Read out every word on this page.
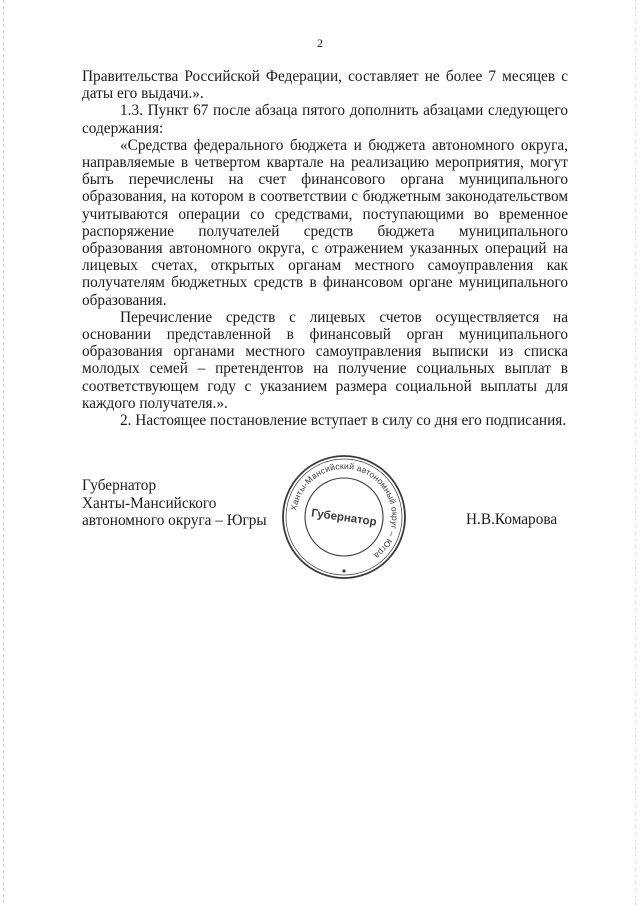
2

Правительства Российской Федерации, составляет не более 7 месяцев с даты его выдачи.».

1.3. Пункт 67 после абзаца пятого дополнить абзацами следующего содержания:

«Средства федерального бюджета и бюджета автономного округа, направляемые в четвертом квартале на реализацию мероприятия, могут быть перечислены на счет финансового органа муниципального образования, на котором в соответствии с бюджетным законодательством учитываются операции со средствами, поступающими во временное распоряжение получателей средств бюджета муниципального образования автономного округа, с отражением указанных операций на лицевых счетах, открытых органам местного самоуправления как получателям бюджетных средств в финансовом органе муниципального образования.

Перечисление средств с лицевых счетов осуществляется на основании представленной в финансовый орган муниципального образования органами местного самоуправления выписки из списка молодых семей – претендентов на получение социальных выплат в соответствующем году с указанием размера социальной выплаты для каждого получателя.».

2. Настоящее постановление вступает в силу со дня его подписания.

Губернатор
Ханты-Мансийского
автономного округа – Югры
Ханты-Мансийский автономный округ – Югра
Губернатор	Н.В.Комарова
